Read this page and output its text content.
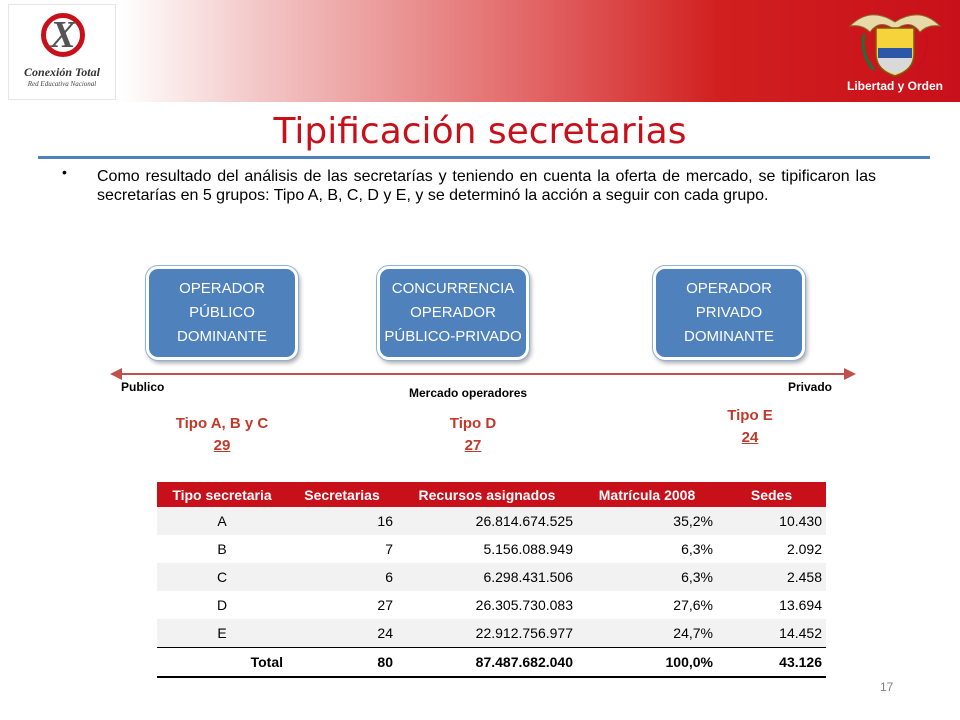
X
Conexión Total
Red Educativa Nacional	Libertad y Orden
Tipificación secretarias
• Como resultado del análisis de las secretarías y teniendo en cuenta la oferta de mercado, se tipificaron las secretarías en 5 grupos: Tipo A, B, C, D y E, y se determinó la acción a seguir con cada grupo.
OPERADOR
PÚBLICO
DOMINANTE
CONCURRENCIA
OPERADOR
PÚBLICO-PRIVADO
OPERADOR
PRIVADO
DOMINANTE
Publico	Mercado operadores	Privado
Tipo A, B y C
29
Tipo D
27
Tipo E
24
Tipo secretaria	Secretarias	Recursos asignados	Matrícula 2008	Sedes
A	16	26.814.674.525	35,2%	10.430
B	7	5.156.088.949	6,3%	2.092
C	6	6.298.431.506	6,3%	2.458
D	27	26.305.730.083	27,6%	13.694
E	24	22.912.756.977	24,7%	14.452
Total	80	87.487.682.040	100,0%	43.126
17
